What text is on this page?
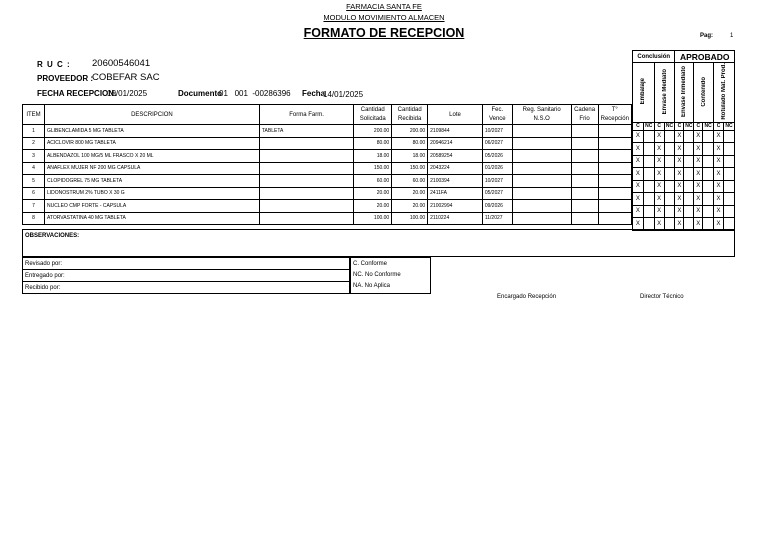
FARMACIA SANTA FE
MODULO MOVIMIENTO ALMACEN
FORMATO DE RECEPCION	Pag:	1
R U C : 20600546041
PROVEEDOR :
COBEFAR SAC
FECHA RECEPCION:
15/01/2025	Documento
01   001  -00286396 Fecha
14/01/2025
ITEM	DESCRIPCION	Forma Farm.	Cantidad	Cantidad	Lote	Fec.	Reg. Sanitario	Cadena	T°
			Solicitada	Recibida		Vence	N.S.O	Frio	Recepción
1	GLIBENCLAMIDA 5 MG TABLETA	TABLETA	200.00	200.00	2109844	10/2027			
2	ACICLOVIR 800 MG TABLETA		80.00	80.00	20946214	06/2027			
3	ALBENDAZOL 100 MG/5 ML FRASCO X 20 ML		18.00	18.00	20589254	05/2026			
4	ANAFLEX MUJER NF 200 MG CAPSULA		150.00	150.00	2043224	01/2026			
5	CLOPIDOGREL 75 MG TABLETA		60.00	60.00	2100394	10/2027			
6	LIDONOSTRUM 2% TUBO X 30 G		20.00	20.00	2411FA	05/2027			
7	NUCLEO CMP FORTE - CAPSULA		20.00	20.00	21002994	09/2026			
8	ATORVASTATINA 40 MG TABLETA		100.00	100.00	2110224	11/2027			
Conclusión				APROBADO					
Embalaje		Envase Mediato		Envase Inmediato		Contenido		Rotulado Mat. Prod.	
C	NC	C	NC	C	NC	C	NC	C	NC
X		X		X		X		X	
X		X		X		X		X	
X		X		X		X		X	
X		X		X		X		X	
X		X		X		X		X	
X		X		X		X		X	
X		X		X		X		X	
X		X		X		X		X	
OBSERVACIONES:
Revisado por:
Entregado por:
Recibido por:
C. Conforme
NC. No Conforme
NA. No Aplica
Encargado Recepción	Director Técnico
